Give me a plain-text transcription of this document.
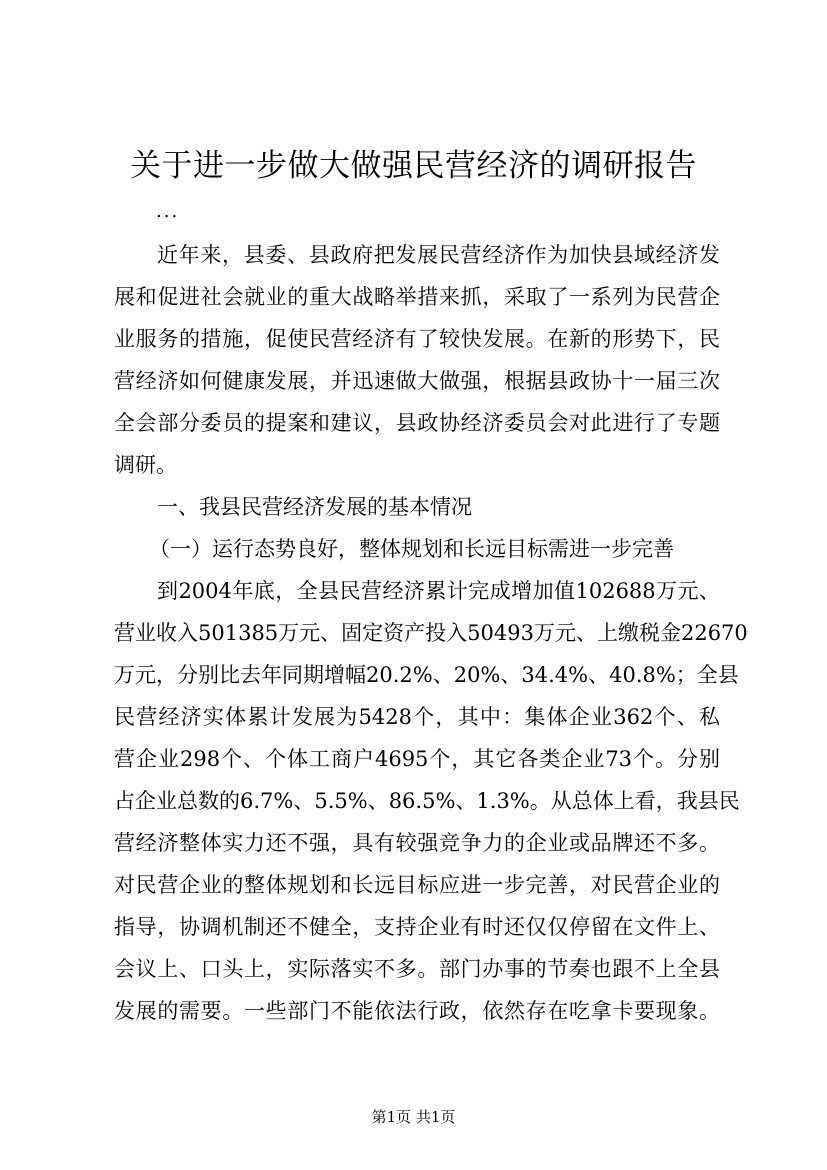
关于进一步做大做强民营经济的调研报告
...
近年来，县委、县政府把发展民营经济作为加快县域经济发
展和促进社会就业的重大战略举措来抓，采取了一系列为民营企
业服务的措施，促使民营经济有了较快发展。在新的形势下，民
营经济如何健康发展，并迅速做大做强，根据县政协十一届三次
全会部分委员的提案和建议，县政协经济委员会对此进行了专题
调研。
一、我县民营经济发展的基本情况
（一）运行态势良好，整体规划和长远目标需进一步完善
到2004年底，全县民营经济累计完成增加值102688万元、
营业收入501385万元、固定资产投入50493万元、上缴税金22670
万元，分别比去年同期增幅20.2%、20%、34.4%、40.8%；全县
民营经济实体累计发展为5428个，其中：集体企业362个、私
营企业298个、个体工商户4695个，其它各类企业73个。分别
占企业总数的6.7%、5.5%、86.5%、1.3%。从总体上看，我县民
营经济整体实力还不强，具有较强竞争力的企业或品牌还不多。
对民营企业的整体规划和长远目标应进一步完善，对民营企业的
指导，协调机制还不健全，支持企业有时还仅仅停留在文件上、
会议上、口头上，实际落实不多。部门办事的节奏也跟不上全县
发展的需要。一些部门不能依法行政，依然存在吃拿卡要现象。
第1页 共1页
